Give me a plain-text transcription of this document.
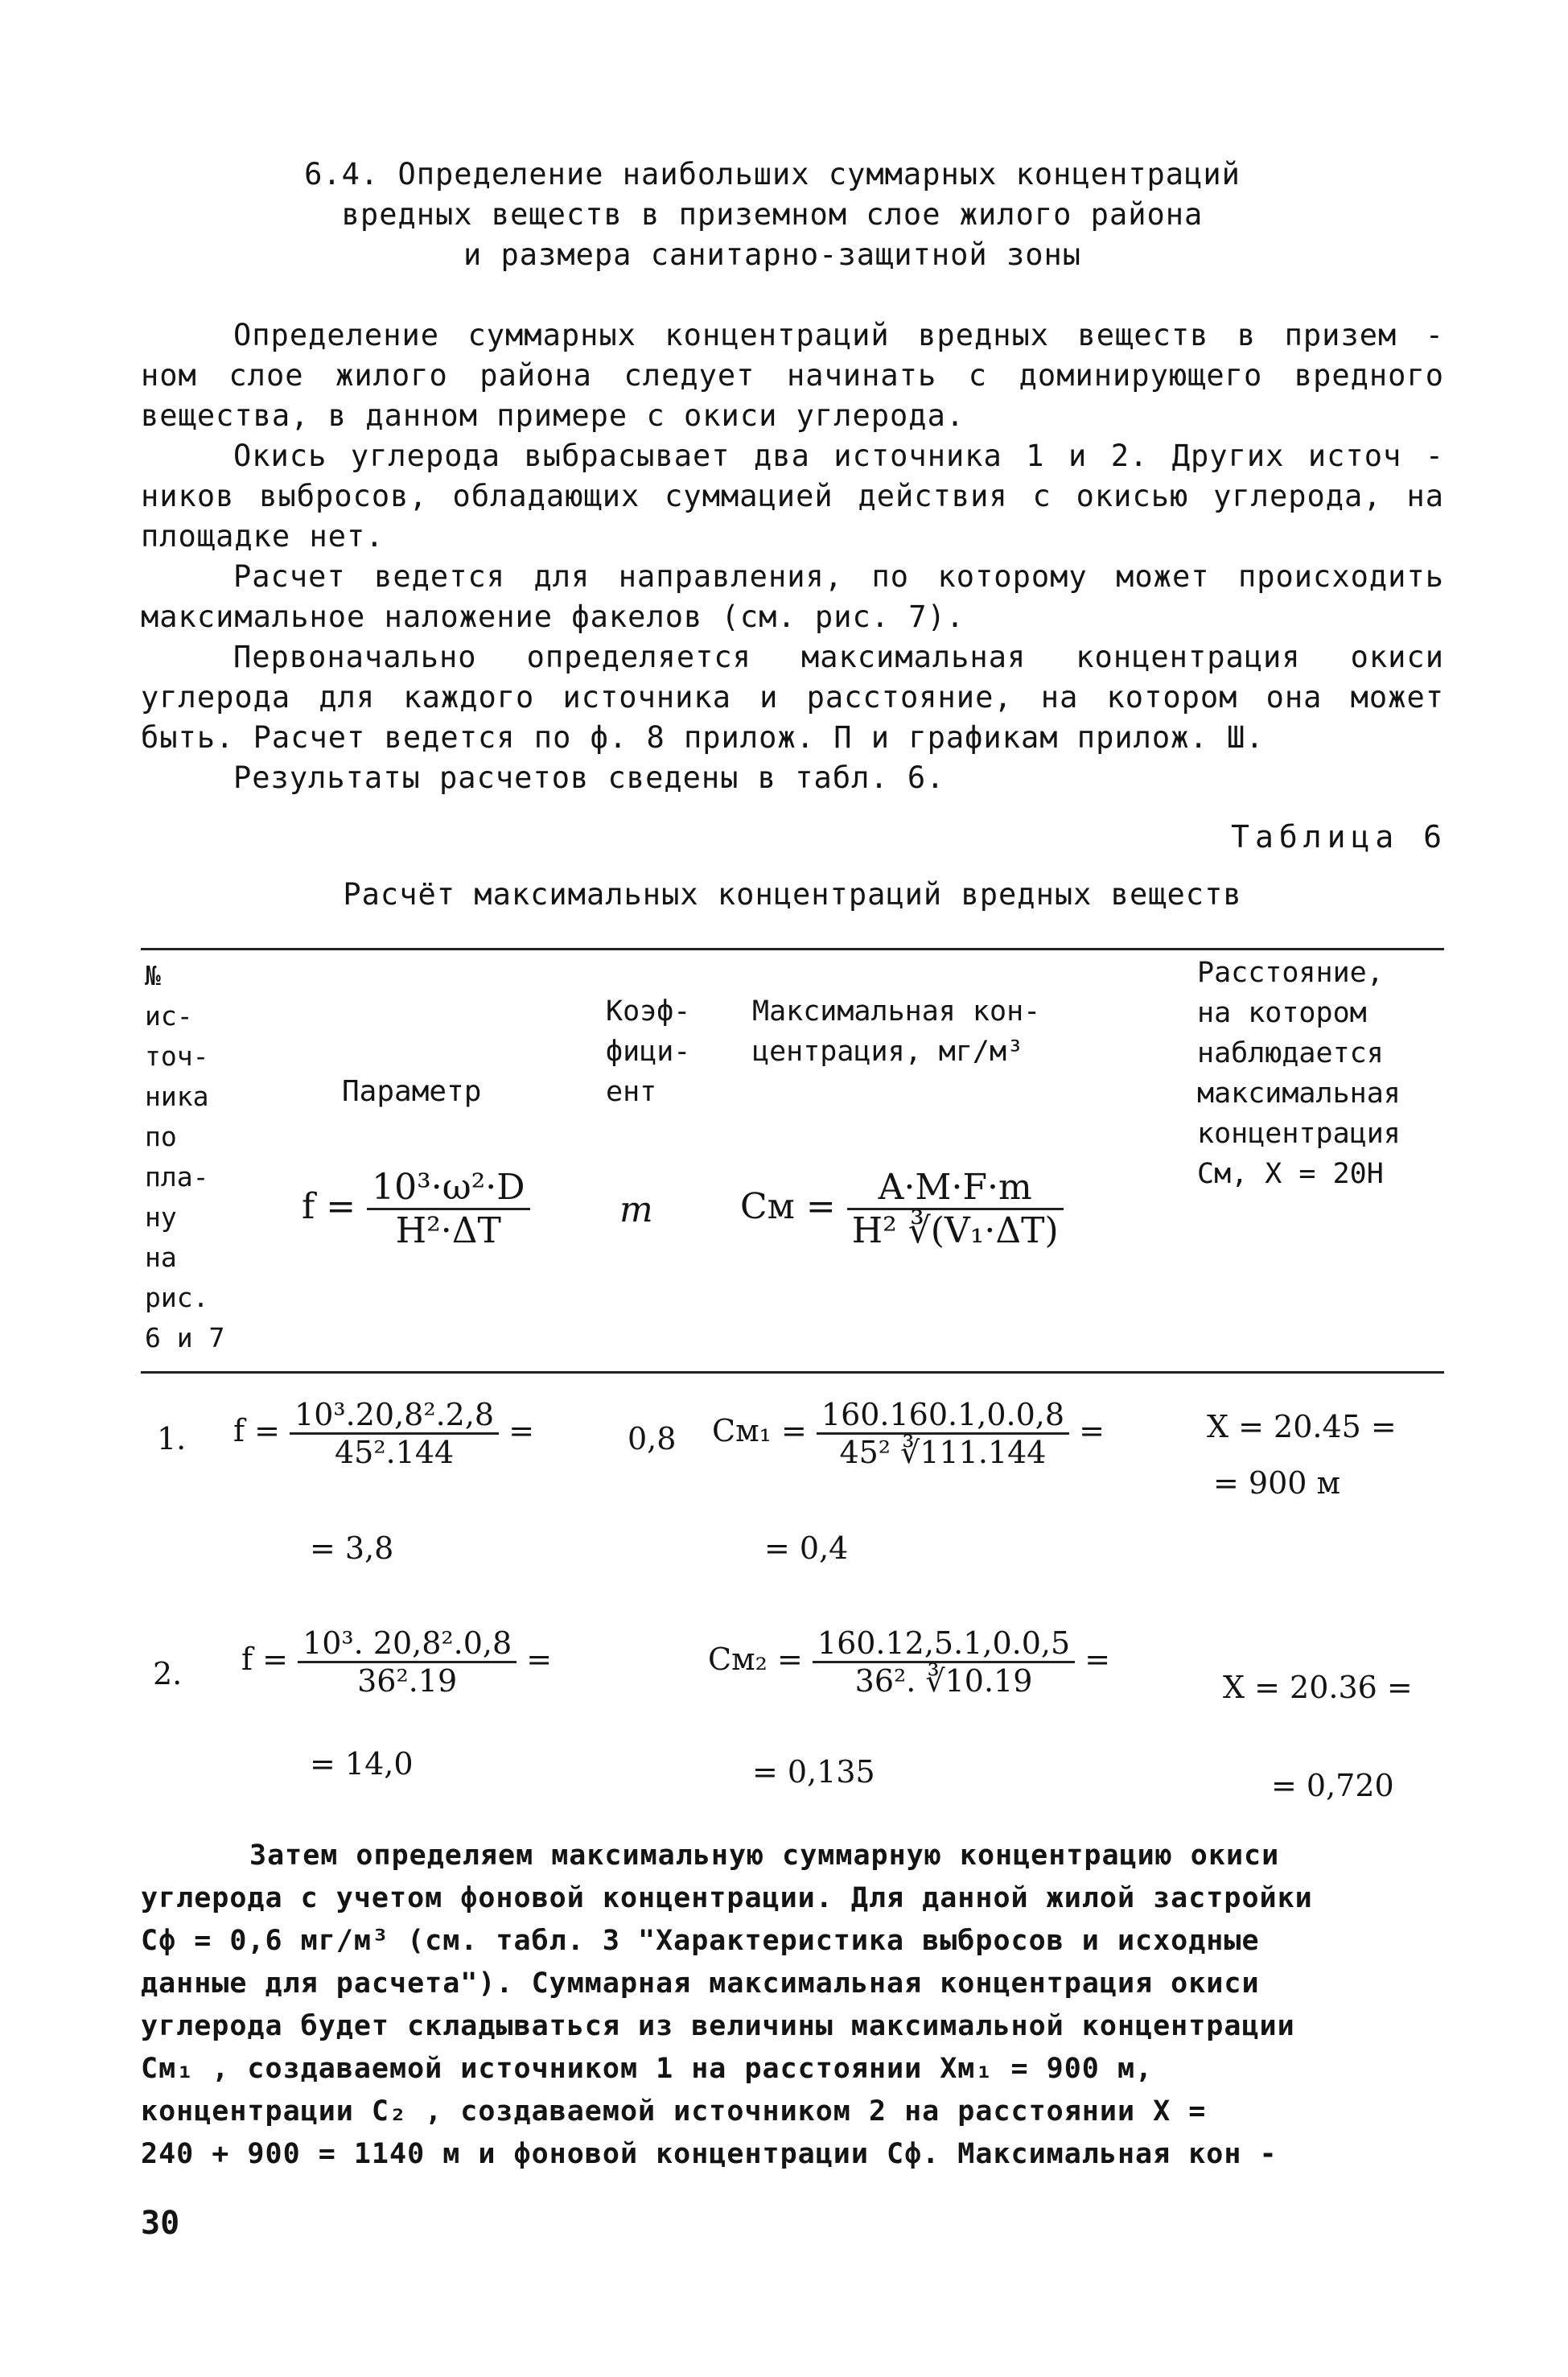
6.4. Определение наибольших суммарных концентраций
вредных веществ в приземном слое жилого района
и размера санитарно-защитной зоны
Определение суммарных концентраций вредных веществ в призем - ном слое жилого района следует начинать с доминирующего вредного вещества, в данном примере с окиси углерода.
Окись углерода выбрасывает два источника 1 и 2. Других источ - ников выбросов, обладающих суммацией действия с окисью углерода, на площадке нет.
Расчет ведется для направления, по которому может происходить максимальное наложение факелов (см. рис. 7).
Первоначально определяется максимальная концентрация окиси углерода для каждого источника и расстояние, на котором она может быть. Расчет ведется по ф. 8 прилож. П и графикам прилож. Ш.
Результаты расчетов сведены в табл. 6.
Таблица 6
Расчёт максимальных концентраций вредных веществ
№
ис-
точ-
ника
по
пла-
ну
на
рис.
6 и 7
Параметр
Коэф-
фици-
ент
Максимальная кон-
центрация, мг/м³
Расстояние,
на котором
наблюдается
максимальная
концентрация
См, Х = 20Н
$f = \frac{\text{10³·ω²·D}}{\text{H²·ΔT}}$	m См = $\frac{A\cdot M\cdot F\cdot m}{\text{H² ∛(V₁·ΔT)}}$
1. $f = \frac{\text{10³.20,8².2,8}}{\text{45².144}}$ =
= 3,8
0,8 $См_1 = \frac{160.160.1,0.0,8}{\text{45² ∛111.144}}$ =
= 0,4
Х = 20.45 =
= 900 м
2. $f = \frac{\text{10³. 20,8².0,8}}{\text{36².19}}$ =
= 14,0
$См_2 = \frac{160.12,5.1,0.0,5}{\text{36². ∛10.19}}$ =
= 0,135
Х = 20.36 =
= 0,720
Затем определяем максимальную суммарную концентрацию окиси
углерода с учетом фоновой концентрации. Для данной жилой застройки
Сф = 0,6 мг/м³ (см. табл. 3 "Характеристика выбросов и исходные
данные для расчета"). Суммарная максимальная концентрация окиси
углерода будет складываться из величины максимальной концентрации
См₁ , создаваемой источником 1 на расстоянии Хм₁ = 900 м,
концентрации С₂ , создаваемой источником 2 на расстоянии Х =
240 + 900 = 1140 м и фоновой концентрации Сф. Максимальная кон -
30
